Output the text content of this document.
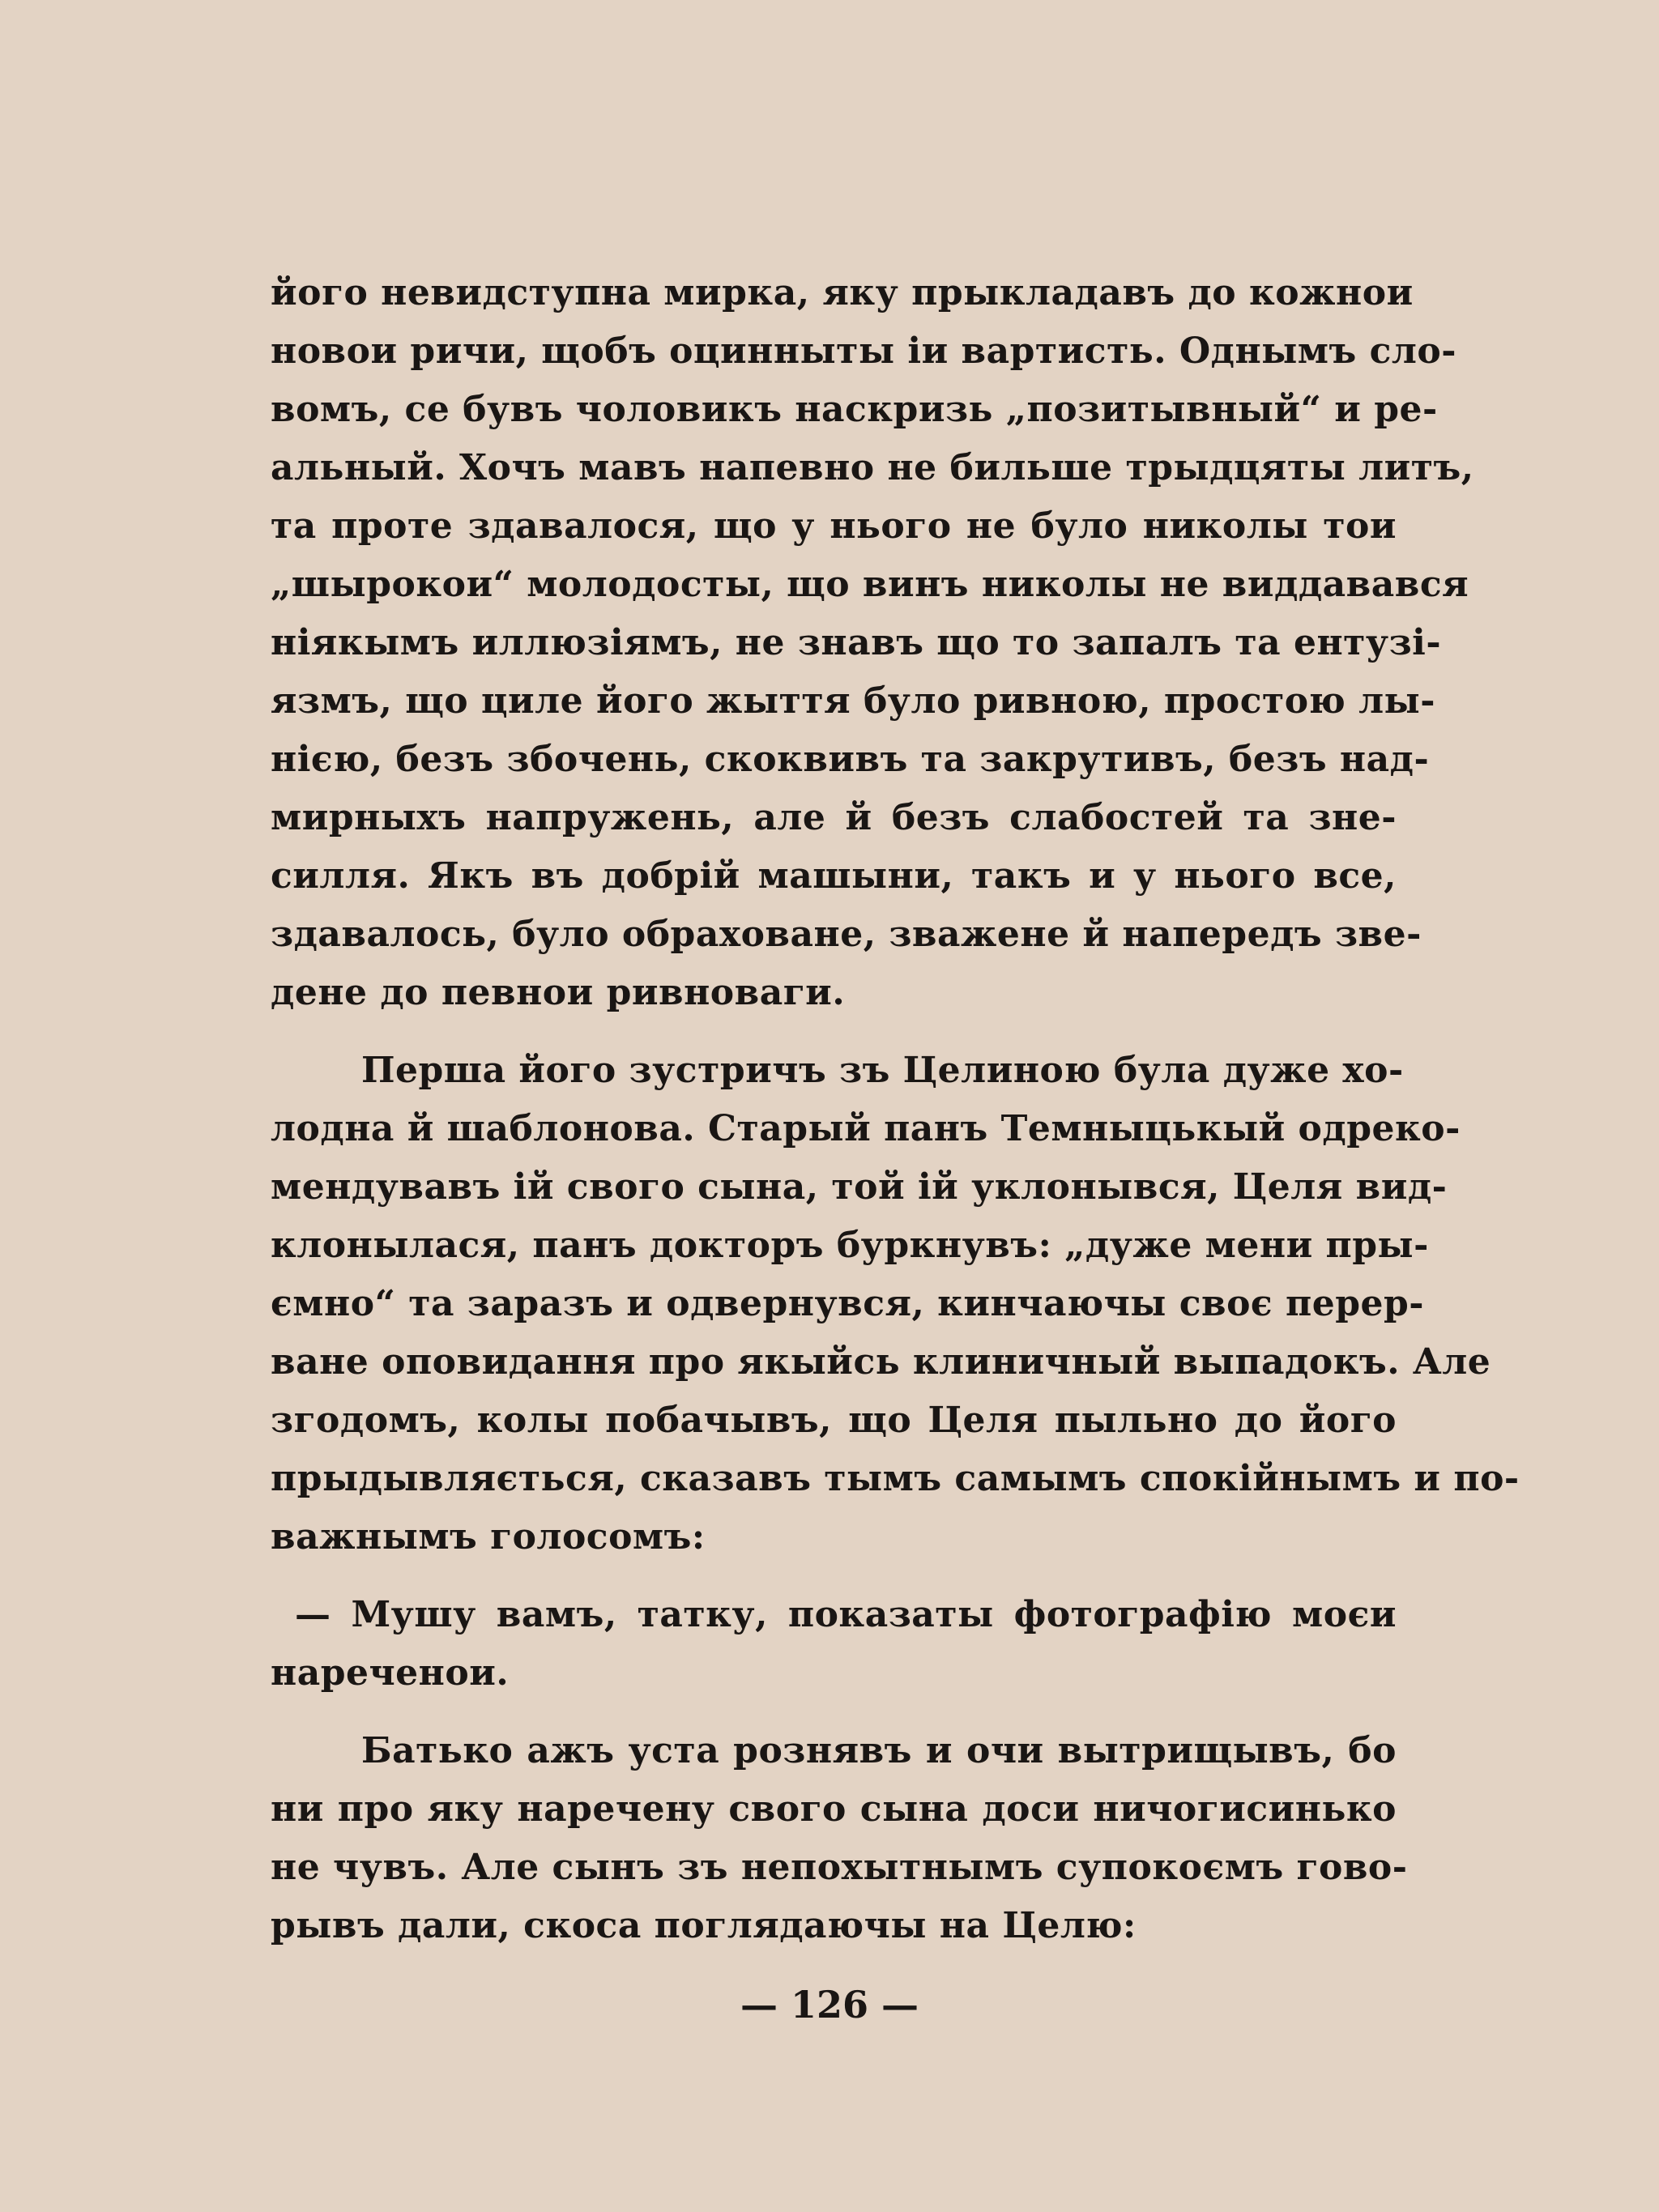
його невидступна мирка, яку прыкладавъ до кожнои
новои ричи, щобъ оцинныты іи вартисть. Однымъ сло-
вомъ, се бувъ чоловикъ наскризь „позитывный“ и ре-
альный. Хочъ мавъ напевно не бильше трыдцяты литъ,
та проте здавалося, що у нього не було николы тои
„шырокои“ молодосты, що винъ николы не виддавався
ніякымъ иллюзіямъ, не знавъ що то запалъ та ентузі-
язмъ, що циле його жыття було ривною, простою лы-
нією, безъ збочень, скоквивъ та закрутивъ, безъ над-
мирныхъ напружень, але й безъ слабостей та зне-
силля. Якъ въ добрій машыни, такъ и у нього все,
здавалось, було обраховане, зважене й напередъ зве-
дене до певнои ривноваги.
Перша його зустричъ зъ Целиною була дуже хо-
лодна й шаблонова. Старый панъ Темныцькый одреко-
мендувавъ ій свого сына, той ій уклонывся, Целя вид-
клонылася, панъ докторъ буркнувъ: „дуже мени пры-
ємно“ та заразъ и одвернувся, кинчаючы своє перер-
ване оповидання про якыйсь клиничный выпадокъ. Але
згодомъ, колы побачывъ, що Целя пыльно до його
прыдывляється, сказавъ тымъ самымъ спокійнымъ и по-
важнымъ голосомъ:
— Мушу вамъ, татку, показаты фотографію моєи
нареченои.
Батько ажъ уста рознявъ и очи вытрищывъ, бо
ни про яку наречену свого сына доси ничогисинько
не чувъ. Але сынъ зъ непохытнымъ супокоємъ гово-
рывъ дали, скоса поглядаючы на Целю:
— 126 —
